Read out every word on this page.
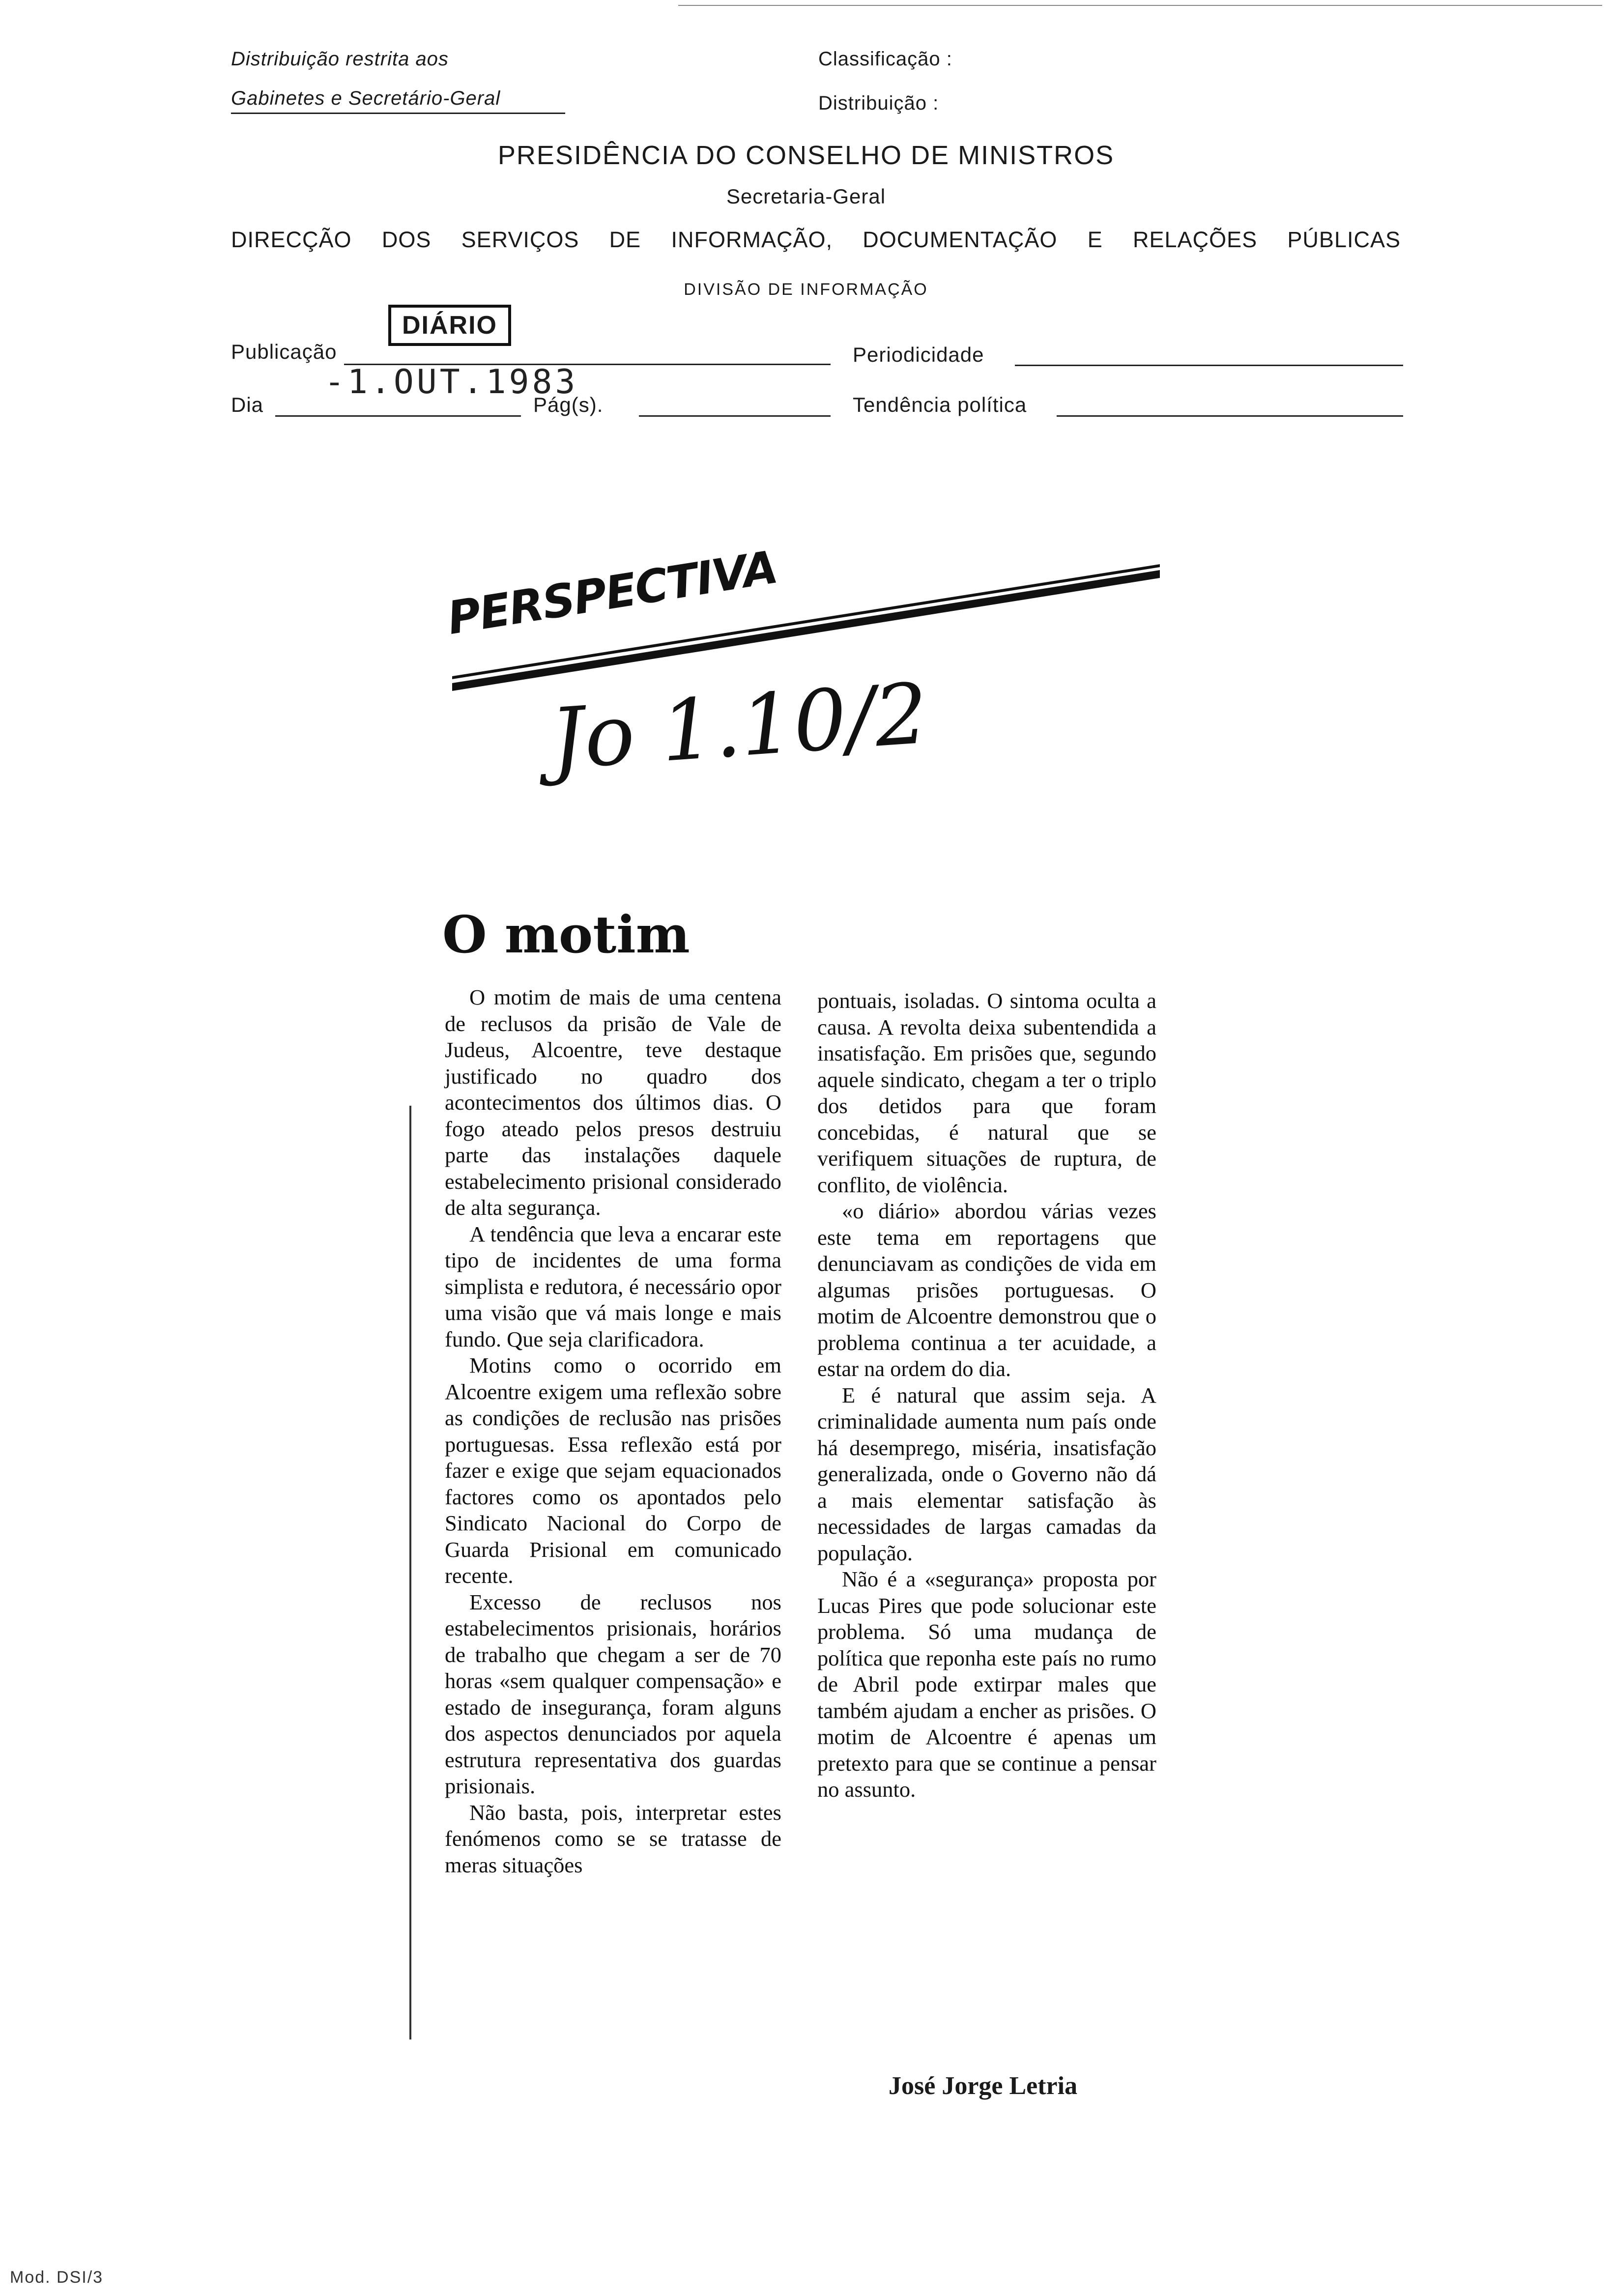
Distribuição restrita aos
Gabinetes e Secretário-Geral
Classificação :
Distribuição :
PRESIDÊNCIA DO CONSELHO DE MINISTROS
Secretaria-Geral
DIRECÇÃO DOS SERVIÇOS DE INFORMAÇÃO, DOCUMENTAÇÃO E RELAÇÕES PÚBLICAS
DIVISÃO DE INFORMAÇÃO
Publicação
DIÁRIO
-1.OUT.1983
Periodicidade
Dia	Pág(s).	Tendência política
PERSPECTIVA
Jo 1.10/2
O motim

O motim de mais de uma centena de reclusos da prisão de Vale de Judeus, Alcoentre, teve destaque justificado no quadro dos acontecimentos dos últimos dias. O fogo ateado pelos presos destruiu parte das instalações daquele estabelecimento prisional considerado de alta segurança.

A tendência que leva a encarar este tipo de incidentes de uma forma simplista e redutora, é necessário opor uma visão que vá mais longe e mais fundo. Que seja clarificadora.

Motins como o ocorrido em Alcoentre exigem uma reflexão sobre as condições de reclusão nas prisões portuguesas. Essa reflexão está por fazer e exige que sejam equacionados factores como os apontados pelo Sindicato Nacional do Corpo de Guarda Prisional em comunicado recente.

Excesso de reclusos nos estabelecimentos prisionais, horários de trabalho que chegam a ser de 70 horas «sem qualquer compensação» e estado de insegurança, foram alguns dos aspectos denunciados por aquela estrutura representativa dos guardas prisionais.

Não basta, pois, interpretar estes fenómenos como se se tratasse de meras situações

pontuais, isoladas. O sintoma oculta a causa. A revolta deixa subentendida a insatisfação. Em prisões que, segundo aquele sindicato, chegam a ter o triplo dos detidos para que foram concebidas, é natural que se verifiquem situações de ruptura, de conflito, de violência.

«o diário» abordou várias vezes este tema em reportagens que denunciavam as condições de vida em algumas prisões portuguesas. O motim de Alcoentre demonstrou que o problema continua a ter acuidade, a estar na ordem do dia.

E é natural que assim seja. A criminalidade aumenta num país onde há desemprego, miséria, insatisfação generalizada, onde o Governo não dá a mais elementar satisfação às necessidades de largas camadas da população.

Não é a «segurança» proposta por Lucas Pires que pode solucionar este problema. Só uma mudança de política que reponha este país no rumo de Abril pode extirpar males que também ajudam a encher as prisões. O motim de Alcoentre é apenas um pretexto para que se continue a pensar no assunto.

José Jorge Letria
Mod. DSI/3
